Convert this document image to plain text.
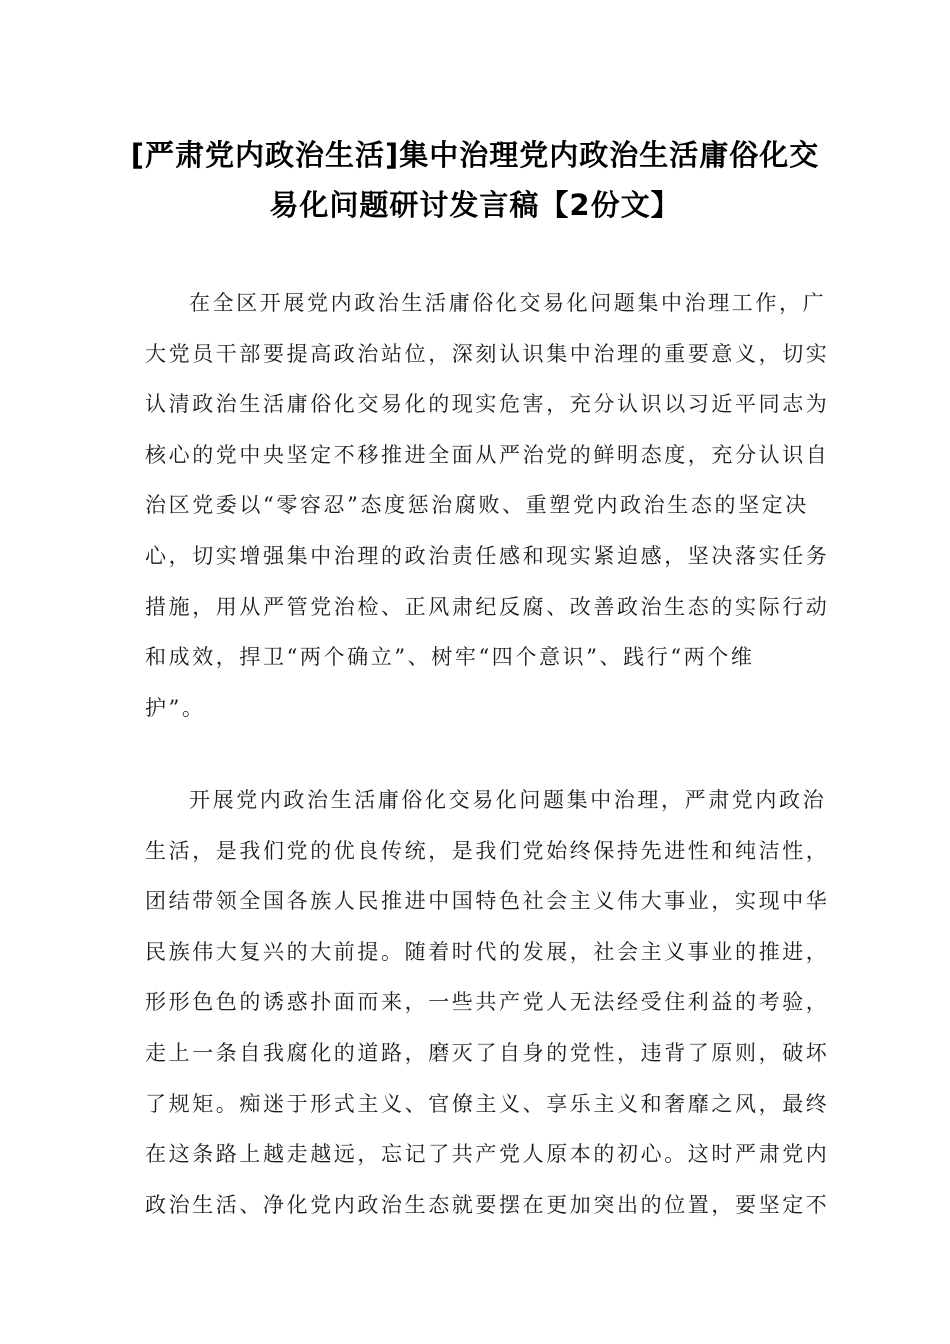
[严肃党内政治生活]集中治理党内政治生活庸俗化交
易化问题研讨发言稿【2份文】
在全区开展党内政治生活庸俗化交易化问题集中治理工作，广
大党员干部要提高政治站位，深刻认识集中治理的重要意义，切实
认清政治生活庸俗化交易化的现实危害，充分认识以习近平同志为
核心的党中央坚定不移推进全面从严治党的鲜明态度，充分认识自
治区党委以“零容忍”态度惩治腐败、重塑党内政治生态的坚定决
心，切实增强集中治理的政治责任感和现实紧迫感，坚决落实任务
措施，用从严管党治检、正风肃纪反腐、改善政治生态的实际行动
和成效，捍卫“两个确立”、树牢“四个意识”、践行“两个维
护”。
开展党内政治生活庸俗化交易化问题集中治理，严肃党内政治
生活，是我们党的优良传统，是我们党始终保持先进性和纯洁性，
团结带领全国各族人民推进中国特色社会主义伟大事业，实现中华
民族伟大复兴的大前提。随着时代的发展，社会主义事业的推进，
形形色色的诱惑扑面而来，一些共产党人无法经受住利益的考验，
走上一条自我腐化的道路，磨灭了自身的党性，违背了原则，破坏
了规矩。痴迷于形式主义、官僚主义、享乐主义和奢靡之风，最终
在这条路上越走越远，忘记了共产党人原本的初心。这时严肃党内
政治生活、净化党内政治生态就要摆在更加突出的位置，要坚定不
